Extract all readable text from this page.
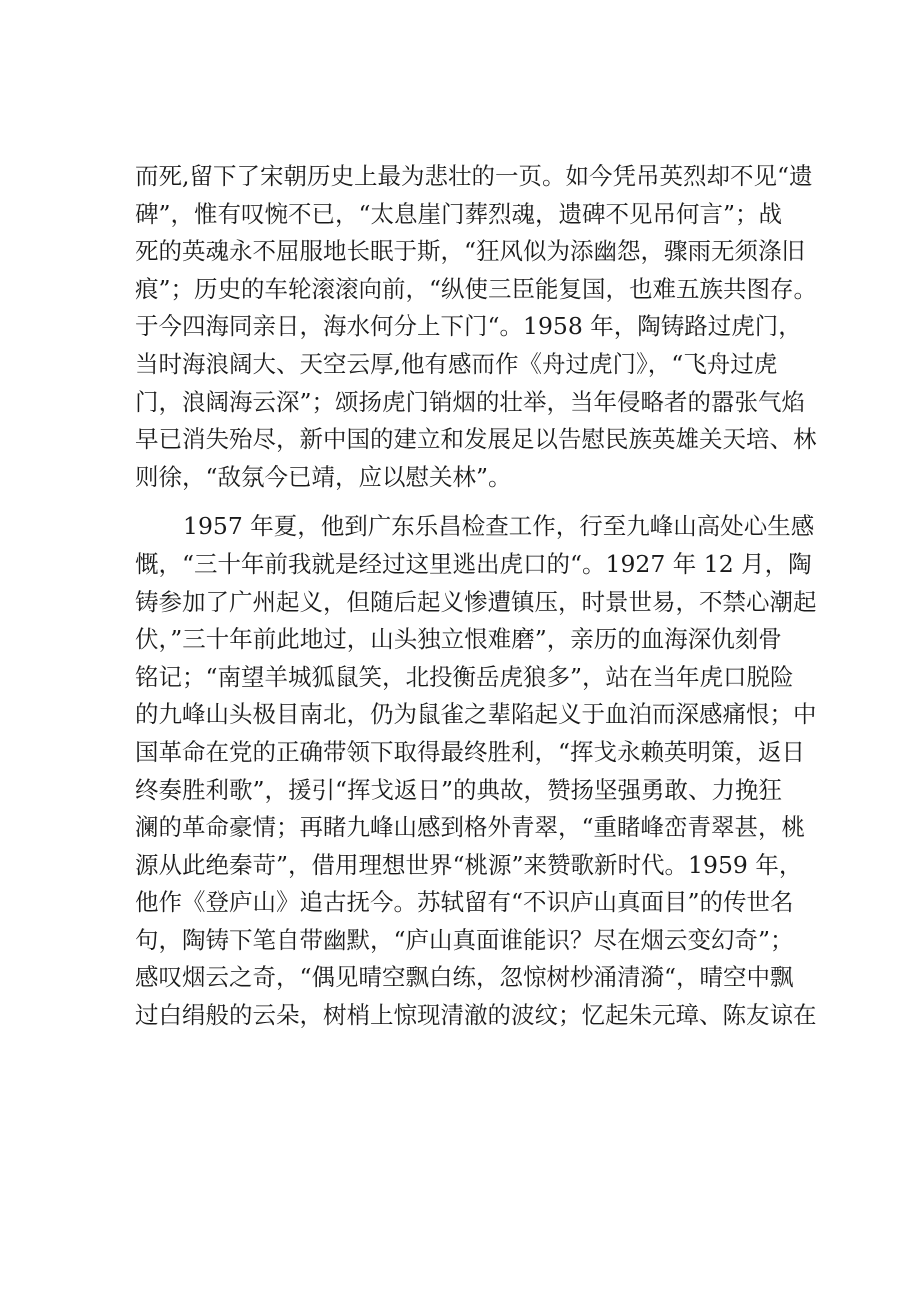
而死,留下了宋朝历史上最为悲壮的一页。如今凭吊英烈却不见“遗
碑”，惟有叹惋不已，“太息崖门葬烈魂，遗碑不见吊何言”；战
死的英魂永不屈服地长眠于斯，“狂风似为添幽怨，骤雨无须涤旧
痕”；历史的车轮滚滚向前，“纵使三臣能复国，也难五族共图存。
于今四海同亲日，海水何分上下门“。1958 年，陶铸路过虎门，
当时海浪阔大、天空云厚,他有感而作《舟过虎门》，“飞舟过虎
门，浪阔海云深”；颂扬虎门销烟的壮举，当年侵略者的嚣张气焰
早已消失殆尽，新中国的建立和发展足以告慰民族英雄关天培、林
则徐，“敌氛今已靖，应以慰关林”。

1957 年夏，他到广东乐昌检查工作，行至九峰山高处心生感
慨，“三十年前我就是经过这里逃出虎口的“。1927 年 12 月，陶
铸参加了广州起义，但随后起义惨遭镇压，时景世易，不禁心潮起
伏，”三十年前此地过，山头独立恨难磨”，亲历的血海深仇刻骨
铭记；“南望羊城狐鼠笑，北投衡岳虎狼多”，站在当年虎口脱险
的九峰山头极目南北，仍为鼠雀之辈陷起义于血泊而深感痛恨；中
国革命在党的正确带领下取得最终胜利，“挥戈永赖英明策，返日
终奏胜利歌”，援引“挥戈返日”的典故，赞扬坚强勇敢、力挽狂
澜的革命豪情；再睹九峰山感到格外青翠，“重睹峰峦青翠甚，桃
源从此绝秦苛”，借用理想世界“桃源”来赞歌新时代。1959 年，
他作《登庐山》追古抚今。苏轼留有“不识庐山真面目”的传世名
句，陶铸下笔自带幽默，“庐山真面谁能识？尽在烟云变幻奇”；
感叹烟云之奇，“偶见晴空飘白练，忽惊树杪涌清漪“，晴空中飘
过白绢般的云朵，树梢上惊现清澈的波纹；忆起朱元璋、陈友谅在
